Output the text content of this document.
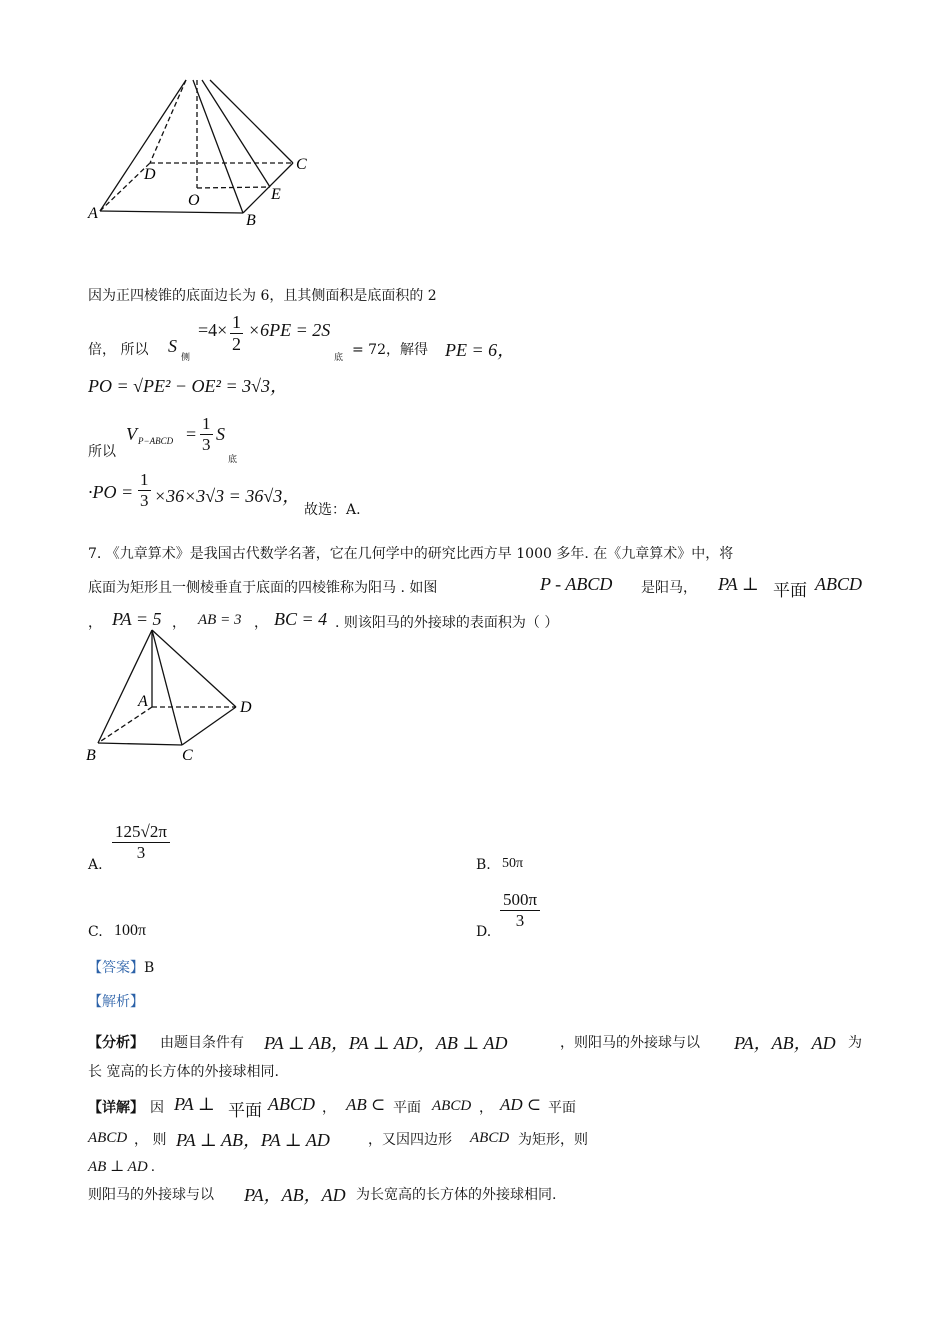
A	B
C
D
E
O
因为正四棱锥的底面边长为 6，且其侧面积是底面积的 2
倍， 所以 S
侧
=4× 1
2
×6PE = 2S
底 = 72，解得 PE = 6，
PO = √PE² − OE² = 3√3，
所以
V P−ABCD =
1
3
S
底
·PO =
1
3 ×36×3√3 = 36√3，
故选：A.
7. 《九章算术》是我国古代数学名著，它在几何学中的研究比西方早 1000 多年. 在《九章算术》中，将
底面为矩形且一侧棱垂直于底面的四棱锥称为阳马 . 如图	P - ABCD 是阳马， PA ⊥ 平面 ABCD
， PA = 5 ， AB = 3 ， BC = 4 . 则该阳马的外接球的表面积为（ ）
A
B	C
D
A.
125√2π
3
B. 50π
C. 100π	D.
500π
3
【答案】B
【解析】
【分析】 由题目条件有 PA ⊥ AB，PA ⊥ AD，AB ⊥ AD	，则阳马的外接球与以 PA，AB，AD 为
长 宽高的长方体的外接球相同.
【详解】 因 PA ⊥ 平面 ABCD ， AB ⊂ 平面 ABCD ， AD ⊂ 平面
ABCD ， 则 PA ⊥ AB，PA ⊥ AD	，又因四边形 ABCD 为矩形，则
AB ⊥ AD .
则阳马的外接球与以 PA，AB，AD 为长宽高的长方体的外接球相同.
